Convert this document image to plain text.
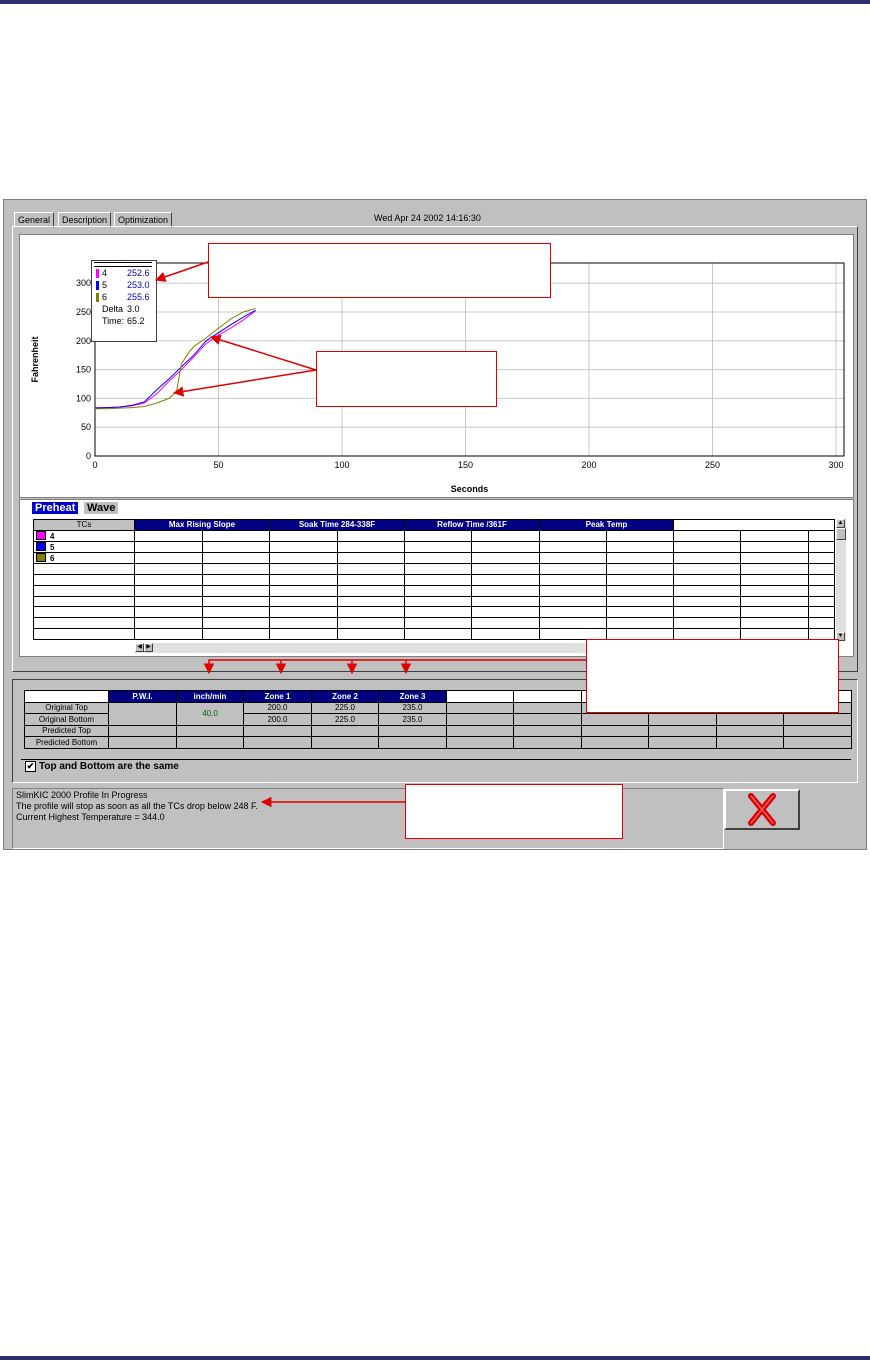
General	Description	Optimization	Wed Apr 24 2002 14:16:30
0	50	100	150	200	250	300
0
50
100
150
200
250
300
Seconds
Fahrenheit
Preheat Wave
TCs	Max Rising Slope		Soak Time 284-338F		Reflow Time /361F		Peak Temp				
4											
5											
6											

▲
▼
◀ ▶
	P.W.I.	inch/min	Zone 1	Zone 2	Zone 3						
Original Top		40.0	200.0	225.0	235.0						
Original Bottom			200.0	225.0	235.0						
Predicted Top											
Predicted Bottom											
✔ Top and Bottom are the same
SlimKIC 2000 Profile In Progress
The profile will stop as soon as all the TCs drop below 248 F.
Current Highest Temperature = 344.0
4 252.6
5 253.0
6 255.6
Delta 3.0
Time: 65.2
